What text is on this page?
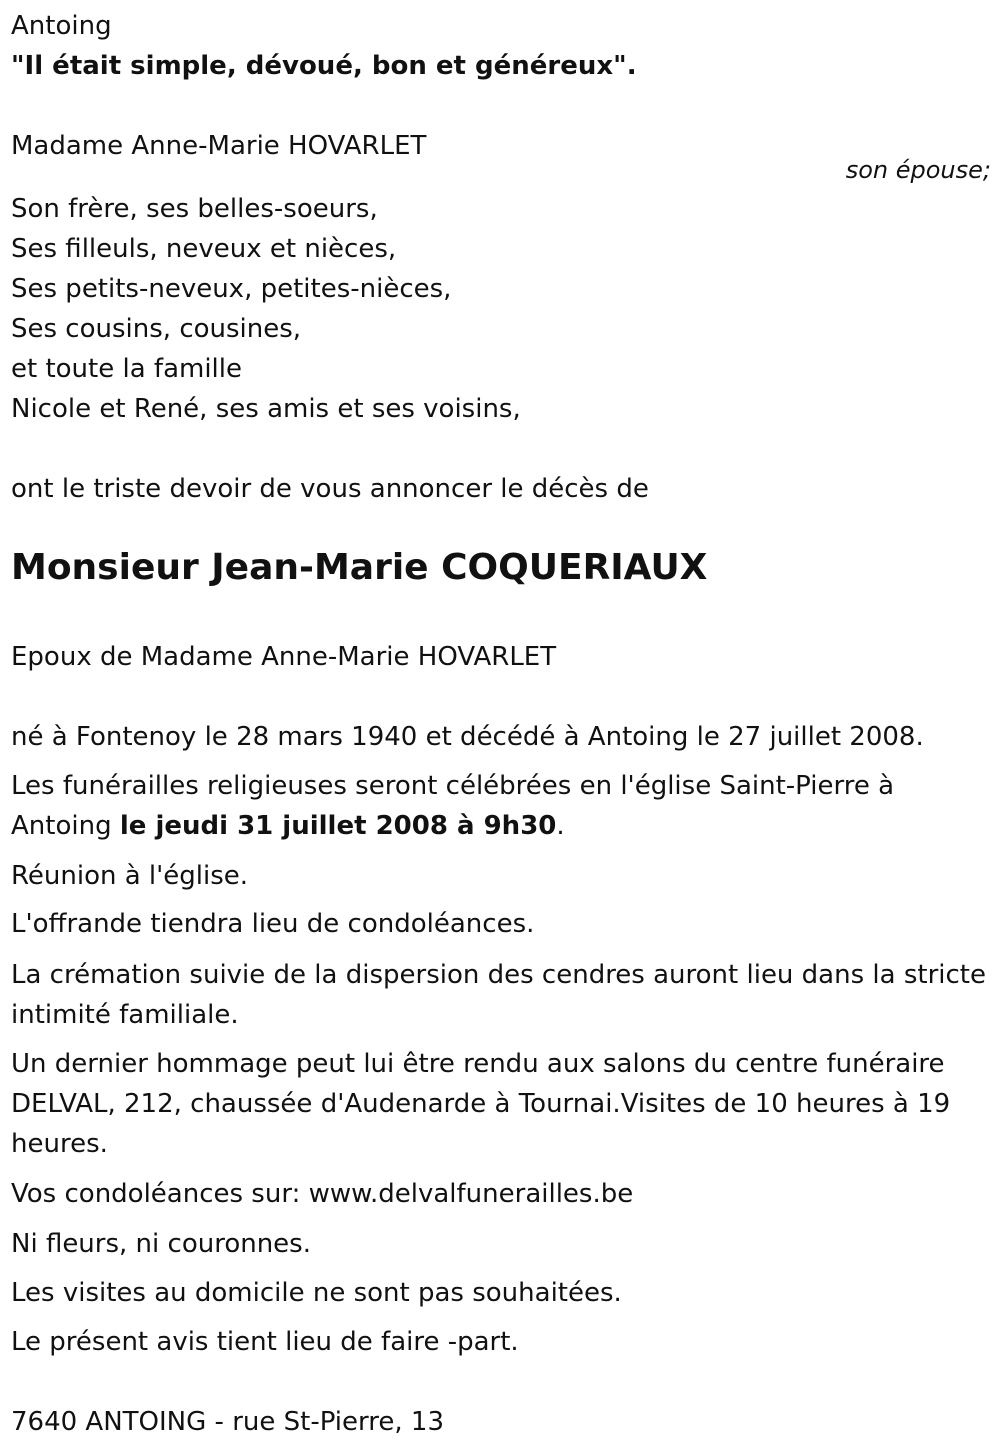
Antoing
"Il était simple, dévoué, bon et généreux".
Madame Anne-Marie HOVARLET
son épouse;
Son frère, ses belles-soeurs,
Ses filleuls, neveux et nièces,
Ses petits-neveux, petites-nièces,
Ses cousins, cousines,
et toute la famille
Nicole et René, ses amis et ses voisins,
ont le triste devoir de vous annoncer le décès de
Monsieur Jean-Marie COQUERIAUX
Epoux de Madame Anne-Marie HOVARLET
né à Fontenoy le 28 mars 1940 et décédé à Antoing le 27 juillet 2008.
Les funérailles religieuses seront célébrées en l'église Saint-Pierre à Antoing le jeudi 31 juillet 2008 à 9h30.
Réunion à l'église.
L'offrande tiendra lieu de condoléances.
La crémation suivie de la dispersion des cendres auront lieu dans la stricte intimité familiale.
Un dernier hommage peut lui être rendu aux salons du centre funéraire DELVAL, 212, chaussée d'Audenarde à Tournai.Visites de 10 heures à 19 heures.
Vos condoléances sur: www.delvalfunerailles.be
Ni fleurs, ni couronnes.
Les visites au domicile ne sont pas souhaitées.
Le présent avis tient lieu de faire -part.
7640 ANTOING - rue St-Pierre, 13
